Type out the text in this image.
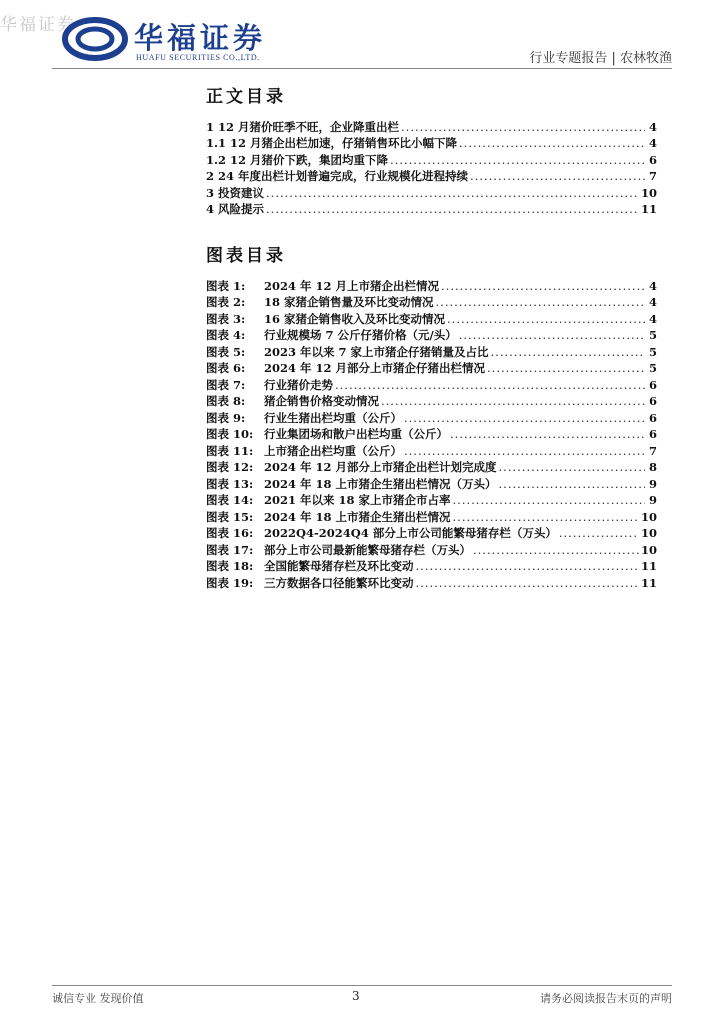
华福证券 华福证券
HUAFU SECURITIES CO.,LTD.	行业专题报告 | 农林牧渔
正文目录
1 12 月猪价旺季不旺，企业降重出栏 .....	4
1.1 12 月猪企出栏加速，仔猪销售环比小幅下降 .....	4
1.2 12 月猪价下跌，集团均重下降 .....	6
2 24 年度出栏计划普遍完成，行业规模化进程持续 .....	7
3 投资建议 .....	10
4 风险提示 .....	11
图表目录
图表 1:	2024 年 12 月上市猪企出栏情况 .....	4
图表 2:	18 家猪企销售量及环比变动情况 .....	4
图表 3:	16 家猪企销售收入及环比变动情况 .....	4
图表 4:	行业规模场 7 公斤仔猪价格（元/头） .....	5
图表 5:	2023 年以来 7 家上市猪企仔猪销量及占比 .....	5
图表 6:	2024 年 12 月部分上市猪企仔猪出栏情况 .....	5
图表 7:	行业猪价走势 .....	6
图表 8:	猪企销售价格变动情况 .....	6
图表 9:	行业生猪出栏均重（公斤） .....	6
图表 10: 行业集团场和散户出栏均重（公斤） .....	6
图表 11: 上市猪企出栏均重（公斤） .....	7
图表 12: 2024 年 12 月部分上市猪企出栏计划完成度 .....	8
图表 13: 2024 年 18 上市猪企生猪出栏情况（万头） .....	9
图表 14: 2021 年以来 18 家上市猪企市占率 .....	9
图表 15: 2024 年 18 上市猪企生猪出栏情况 .....	10
图表 16: 2022Q4-2024Q4 部分上市公司能繁母猪存栏（万头） .....	10
图表 17: 部分上市公司最新能繁母猪存栏（万头） .....	10
图表 18: 全国能繁母猪存栏及环比变动 .....	11
图表 19: 三方数据各口径能繁环比变动 .....	11
诚信专业 发现价值	3	请务必阅读报告末页的声明
